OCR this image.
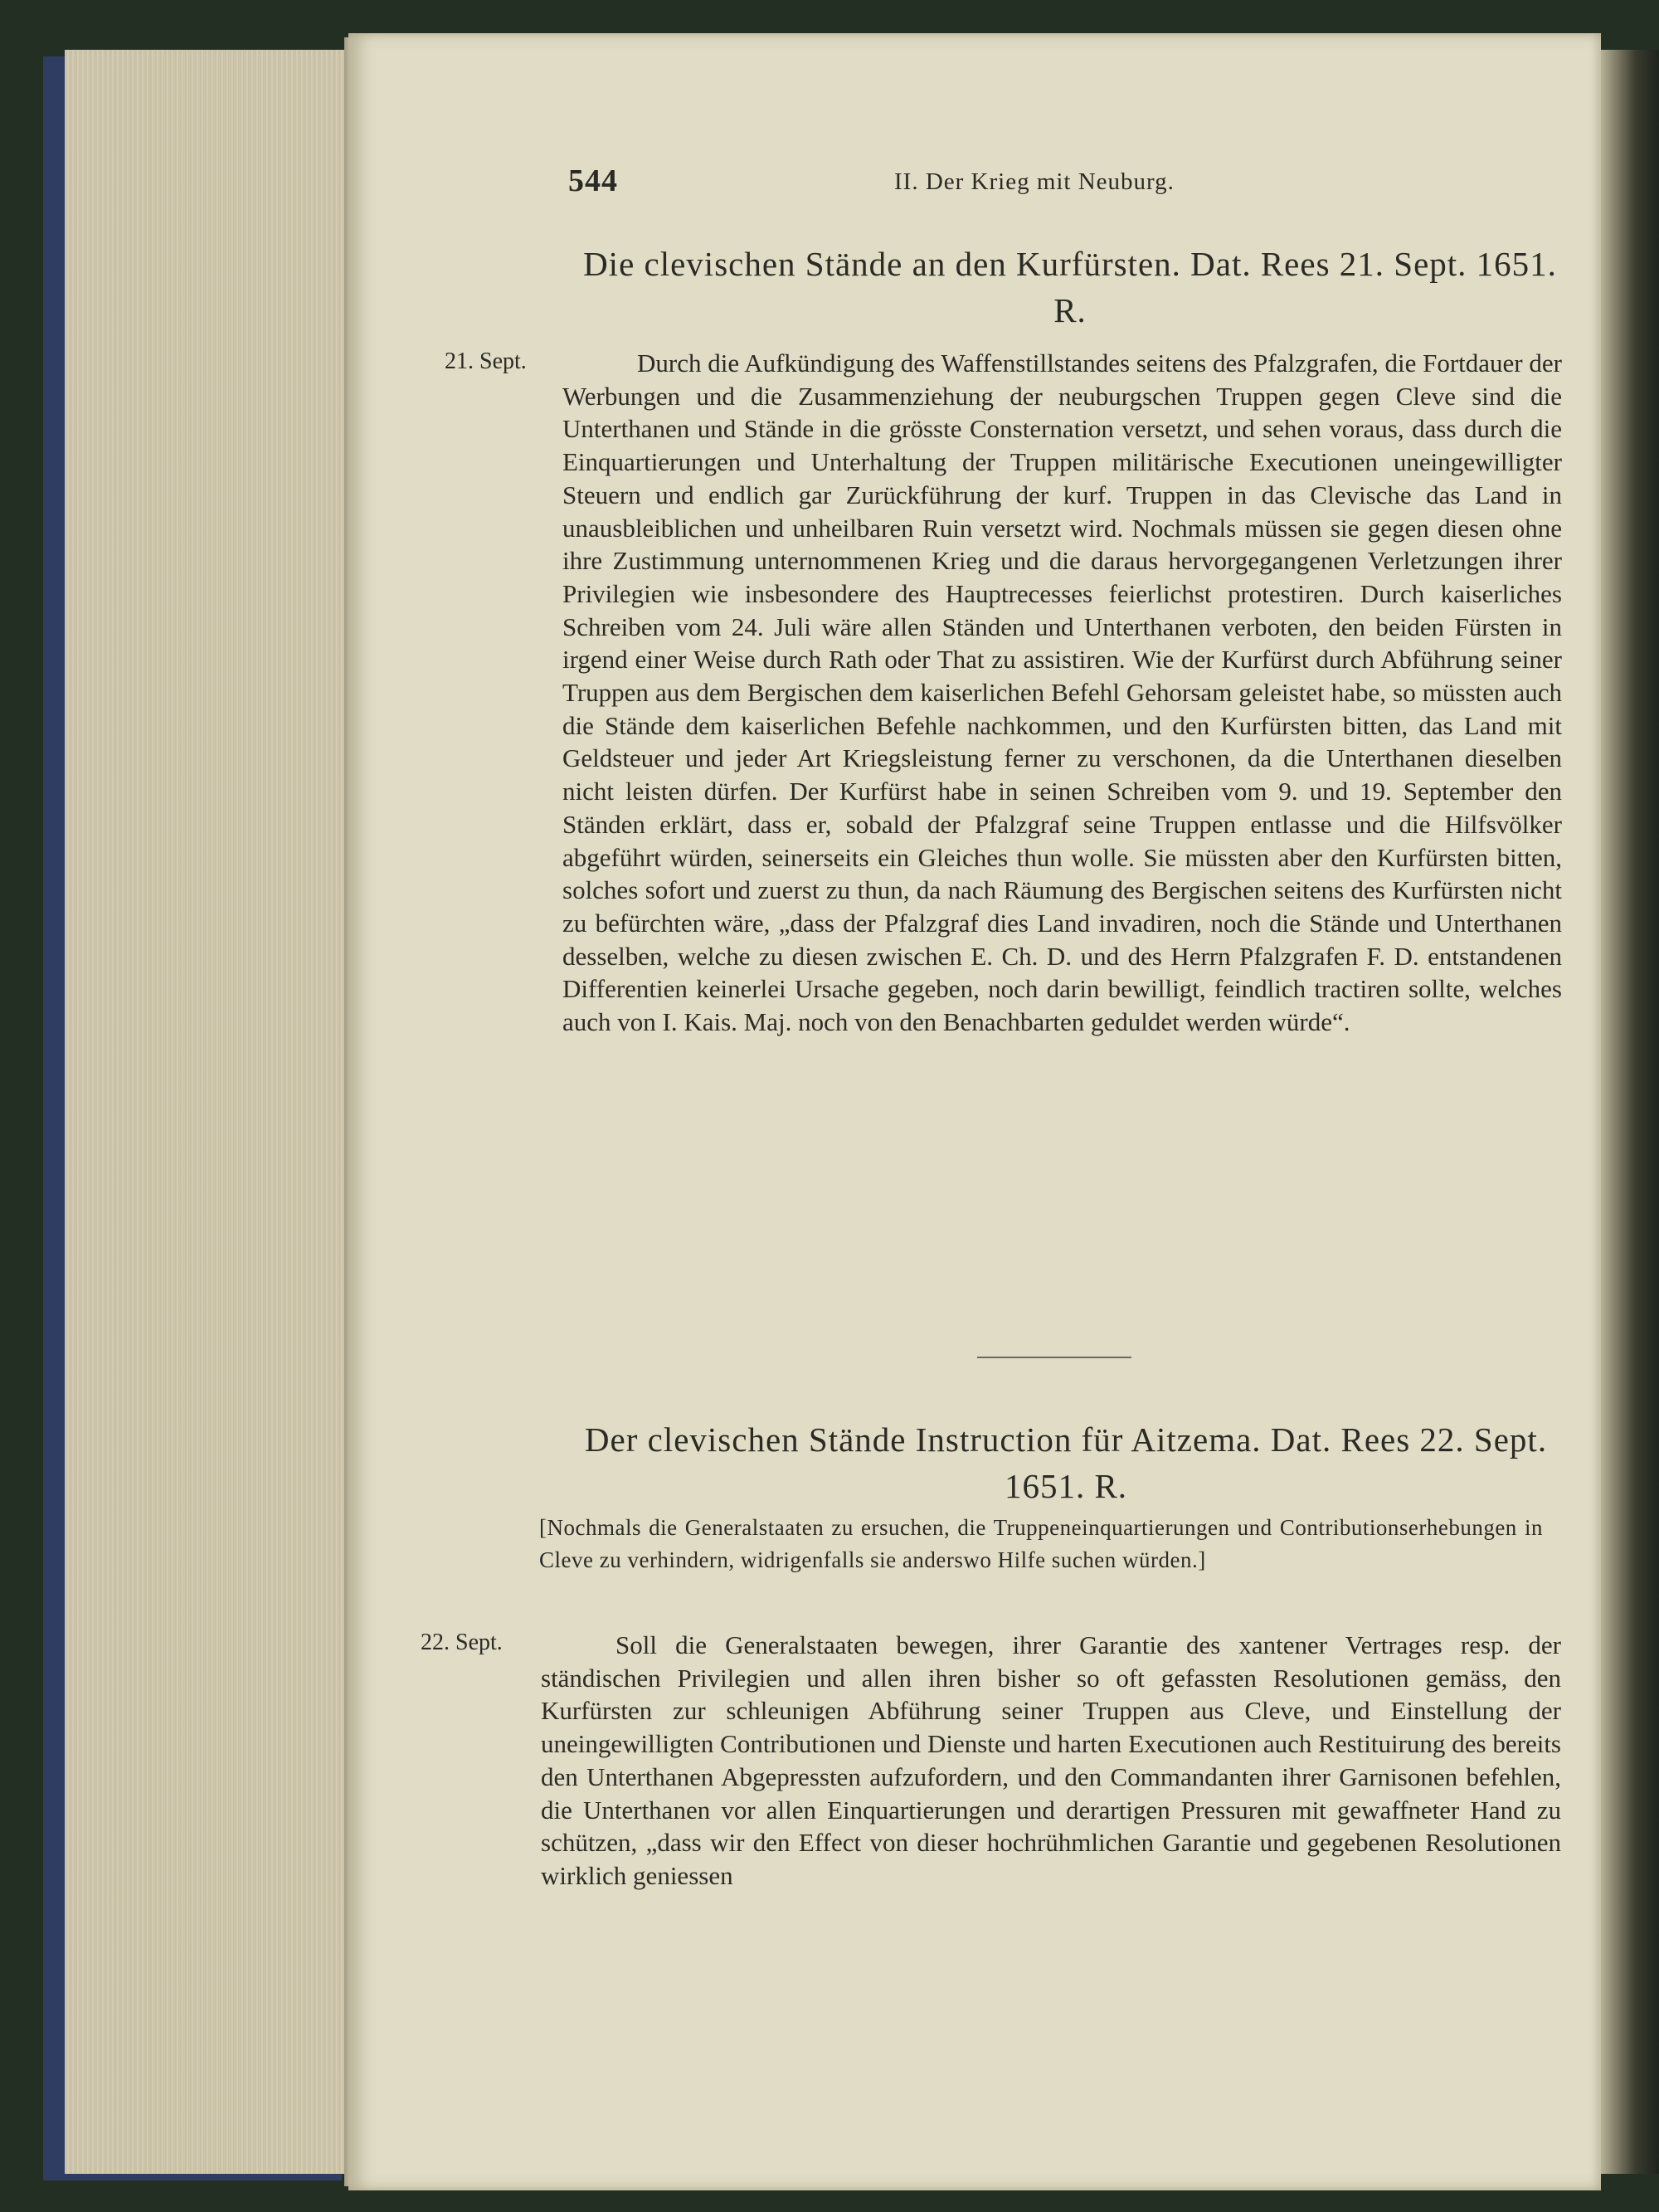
544	II. Der Krieg mit Neuburg.
Die clevischen Stände an den Kurfürsten. Dat. Rees 21. Sept. 1651. R.
21. Sept.	Durch die Aufkündigung des Waffenstillstandes seitens des Pfalzgrafen, die Fortdauer der Werbungen und die Zusammenziehung der neuburgschen Truppen gegen Cleve sind die Unterthanen und Stände in die grösste Consternation versetzt, und sehen voraus, dass durch die Einquartierungen und Unterhaltung der Truppen militärische Executionen uneingewilligter Steuern und endlich gar Zurückführung der kurf. Truppen in das Clevische das Land in unausbleiblichen und unheilbaren Ruin versetzt wird. Nochmals müssen sie gegen diesen ohne ihre Zustimmung unternommenen Krieg und die daraus hervorgegangenen Verletzungen ihrer Privilegien wie insbesondere des Hauptrecesses feierlichst protestiren. Durch kaiserliches Schreiben vom 24. Juli wäre allen Ständen und Unterthanen verboten, den beiden Fürsten in irgend einer Weise durch Rath oder That zu assistiren. Wie der Kurfürst durch Abführung seiner Truppen aus dem Bergischen dem kaiserlichen Befehl Gehorsam geleistet habe, so müssten auch die Stände dem kaiserlichen Befehle nachkommen, und den Kurfürsten bitten, das Land mit Geldsteuer und jeder Art Kriegsleistung ferner zu verschonen, da die Unterthanen dieselben nicht leisten dürfen. Der Kurfürst habe in seinen Schreiben vom 9. und 19. September den Ständen erklärt, dass er, sobald der Pfalzgraf seine Truppen entlasse und die Hilfsvölker abgeführt würden, seinerseits ein Gleiches thun wolle. Sie müssten aber den Kurfürsten bitten, solches sofort und zuerst zu thun, da nach Räumung des Bergischen seitens des Kurfürsten nicht zu befürchten wäre, „dass der Pfalzgraf dies Land invadiren, noch die Stände und Unterthanen desselben, welche zu diesen zwischen E. Ch. D. und des Herrn Pfalzgrafen F. D. entstandenen Differentien keinerlei Ursache gegeben, noch darin bewilligt, feindlich tractiren sollte, welches auch von I. Kais. Maj. noch von den Benachbarten geduldet werden würde“.

Der clevischen Stände Instruction für Aitzema. Dat. Rees 22. Sept. 1651. R.
[Nochmals die Generalstaaten zu ersuchen, die Truppeneinquartierungen und Contributionserhebungen in Cleve zu verhindern, widrigenfalls sie anderswo Hilfe suchen würden.]
22. Sept.	Soll die Generalstaaten bewegen, ihrer Garantie des xantener Vertrages resp. der ständischen Privilegien und allen ihren bisher so oft gefassten Resolutionen gemäss, den Kurfürsten zur schleunigen Abführung seiner Truppen aus Cleve, und Einstellung der uneingewilligten Contributionen und Dienste und harten Executionen auch Restituirung des bereits den Unterthanen Abgepressten aufzufordern, und den Commandanten ihrer Garnisonen befehlen, die Unterthanen vor allen Einquartierungen und derartigen Pressuren mit gewaffneter Hand zu schützen, „dass wir den Effect von dieser hochrühmlichen Garantie und gegebenen Resolutionen wirklich geniessen
